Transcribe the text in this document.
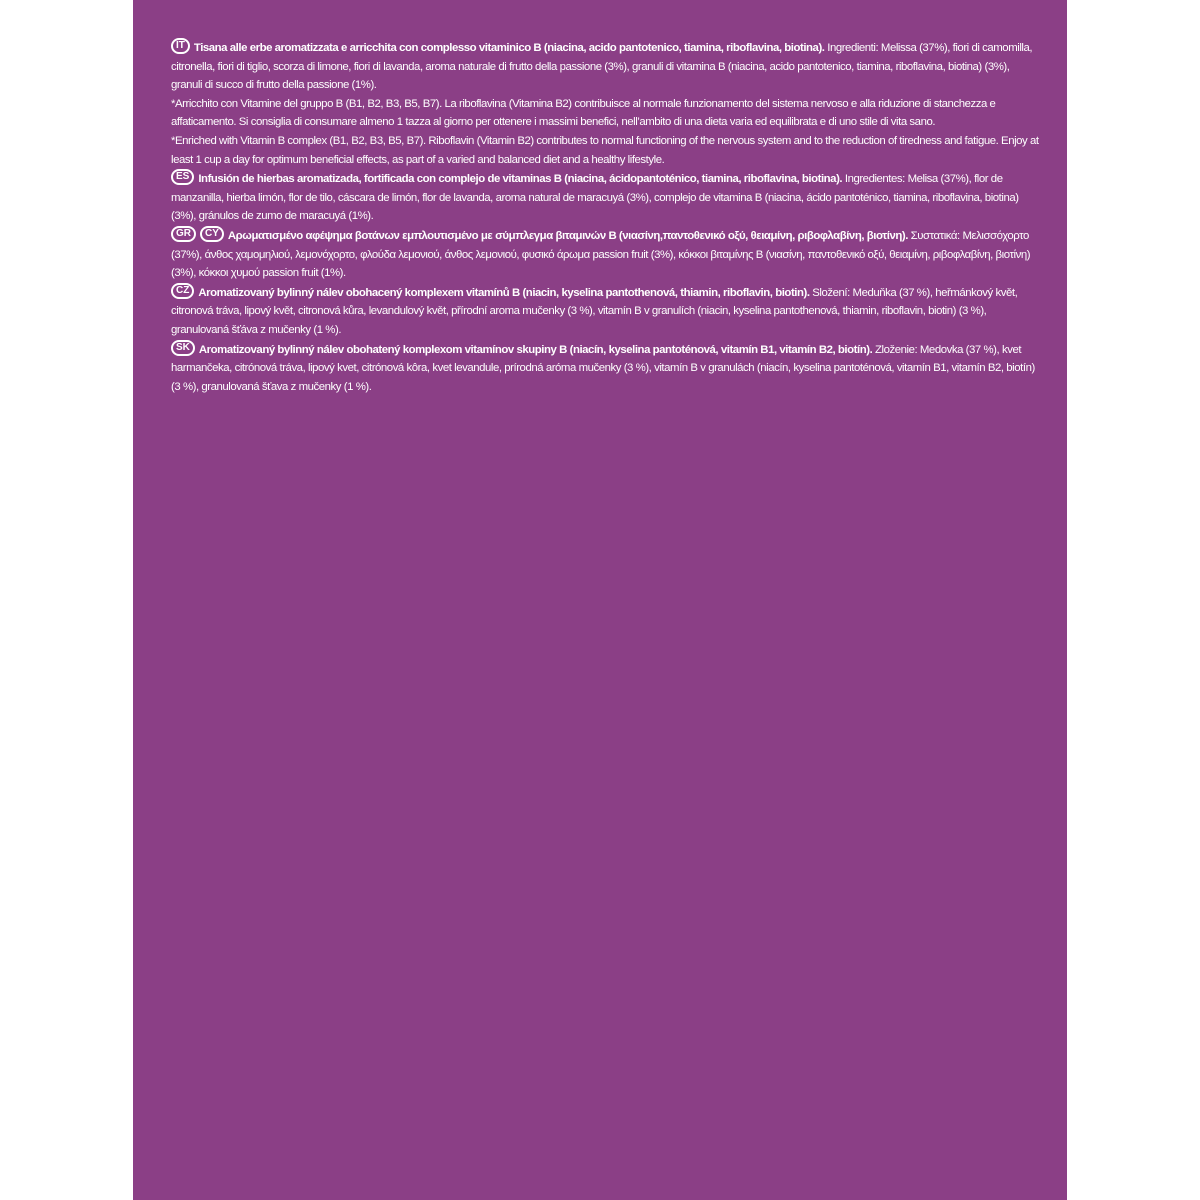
IT Tisana alle erbe aromatizzata e arricchita con complesso vitaminico B (niacina, acido pantotenico, tiamina, riboflavina, biotina). Ingredienti: Melissa (37%), fiori di camomilla, citronella, fiori di tiglio, scorza di limone, fiori di lavanda, aroma naturale di frutto della passione (3%), granuli di vitamina B (niacina, acido pantotenico, tiamina, riboflavina, biotina) (3%), granuli di succo di frutto della passione (1%).

*Arricchito con Vitamine del gruppo B (B1, B2, B3, B5, B7). La riboflavina (Vitamina B2) contribuisce al normale funzionamento del sistema nervoso e alla riduzione di stanchezza e affaticamento. Si consiglia di consumare almeno 1 tazza al giorno per ottenere i massimi benefici, nell’ambito di una dieta varia ed equilibrata e di uno stile di vita sano.

*Enriched with Vitamin B complex (B1, B2, B3, B5, B7). Riboflavin (Vitamin B2) contributes to normal functioning of the nervous system and to the reduction of tiredness and fatigue. Enjoy at least 1 cup a day for optimum beneficial effects, as part of a varied and balanced diet and a healthy lifestyle.

ES Infusión de hierbas aromatizada, fortificada con complejo de vitaminas B (niacina, ácidopantoténico, tiamina, riboflavina, biotina). Ingredientes: Melisa (37%), flor de manzanilla, hierba limón, flor de tilo, cáscara de limón, flor de lavanda, aroma natural de maracuyá (3%), complejo de vitamina B (niacina, ácido pantoténico, tiamina, riboflavina, biotina) (3%), gránulos de zumo de maracuyá (1%).

GR CY Αρωματισμένο αφέψημα βοτάνων εμπλουτισμένο με σύμπλεγμα βιταμινών Β (νιασίνη,παντοθενικό οξύ, θειαμίνη, ριβοφλαβίνη, βιοτίνη). Συστατικά: Μελισσόχορτο (37%), άνθος χαμομηλιού, λεμονόχορτο, φλούδα λεμονιού, άνθος λεμονιού, φυσικό άρωμα passion fruit (3%), κόκκοι βιταμίνης Β (νιασίνη, παντοθενικό οξύ, θειαμίνη, ριβοφλαβίνη, βιοτίνη) (3%), κόκκοι χυμού passion fruit (1%).

CZ Aromatizovaný bylinný nálev obohacený komplexem vitamínů B (niacin, kyselina pantothenová, thiamin, riboflavin, biotin). Složení: Meduňka (37 %), heřmánkový květ, citronová tráva, lipový květ, citronová kůra, levandulový květ, přírodní aroma mučenky (3 %), vitamín B v granulích (niacin, kyselina pantothenová, thiamin, riboflavin, biotin) (3 %), granulovaná šťáva z mučenky (1 %).

SK Aromatizovaný bylinný nálev obohatený komplexom vitamínov skupiny B (niacín, kyselina pantoténová, vitamín B1, vitamín B2, biotín). Zloženie: Medovka (37 %), kvet harmančeka, citrónová tráva, lipový kvet, citrónová kôra, kvet levandule, prírodná aróma mučenky (3 %), vitamín B v granulách (niacín, kyselina pantoténová, vitamín B1, vitamín B2, biotín) (3 %), granulovaná šťava z mučenky (1 %).
